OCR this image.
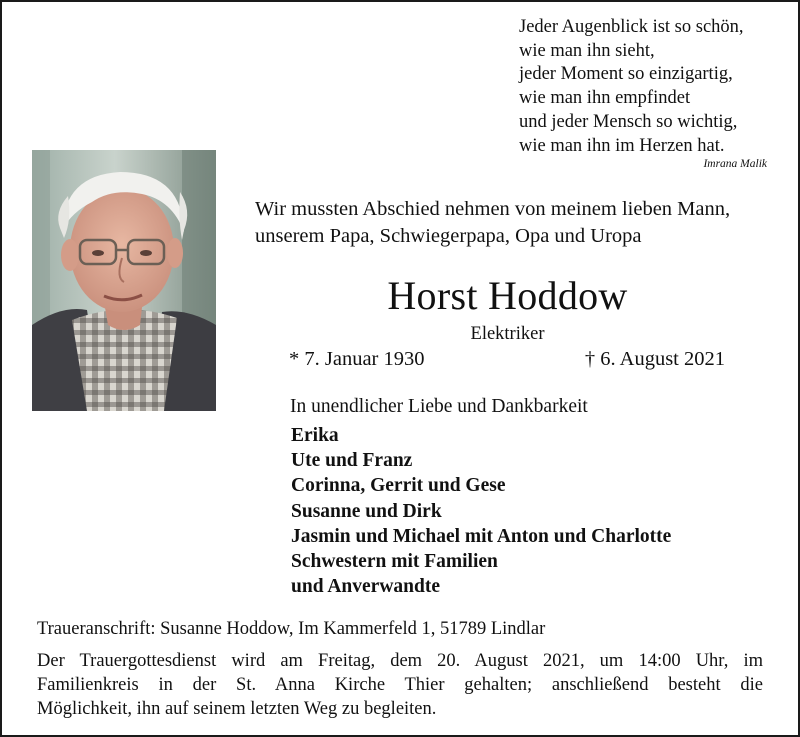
Jeder Augenblick ist so schön,
wie man ihn sieht,
jeder Moment so einzigartig,
wie man ihn empfindet
und jeder Mensch so wichtig,
wie man ihn im Herzen hat.
Imrana Malik
Wir mussten Abschied nehmen von meinem lieben Mann,
unserem Papa, Schwiegerpapa, Opa und Uropa
Horst Hoddow
Elektriker
* 7. Januar 1930	† 6. August 2021
In unendlicher Liebe und Dankbarkeit
Erika
Ute und Franz
Corinna, Gerrit und Gese
Susanne und Dirk
Jasmin und Michael mit Anton und Charlotte
Schwestern mit Familien
und Anverwandte
Traueranschrift: Susanne Hoddow, Im Kammerfeld 1, 51789 Lindlar
Der Trauergottesdienst wird am Freitag, dem 20. August 2021, um 14:00 Uhr, im
Familienkreis in der St. Anna Kirche Thier gehalten; anschließend besteht die
Möglichkeit, ihn auf seinem letzten Weg zu begleiten.
